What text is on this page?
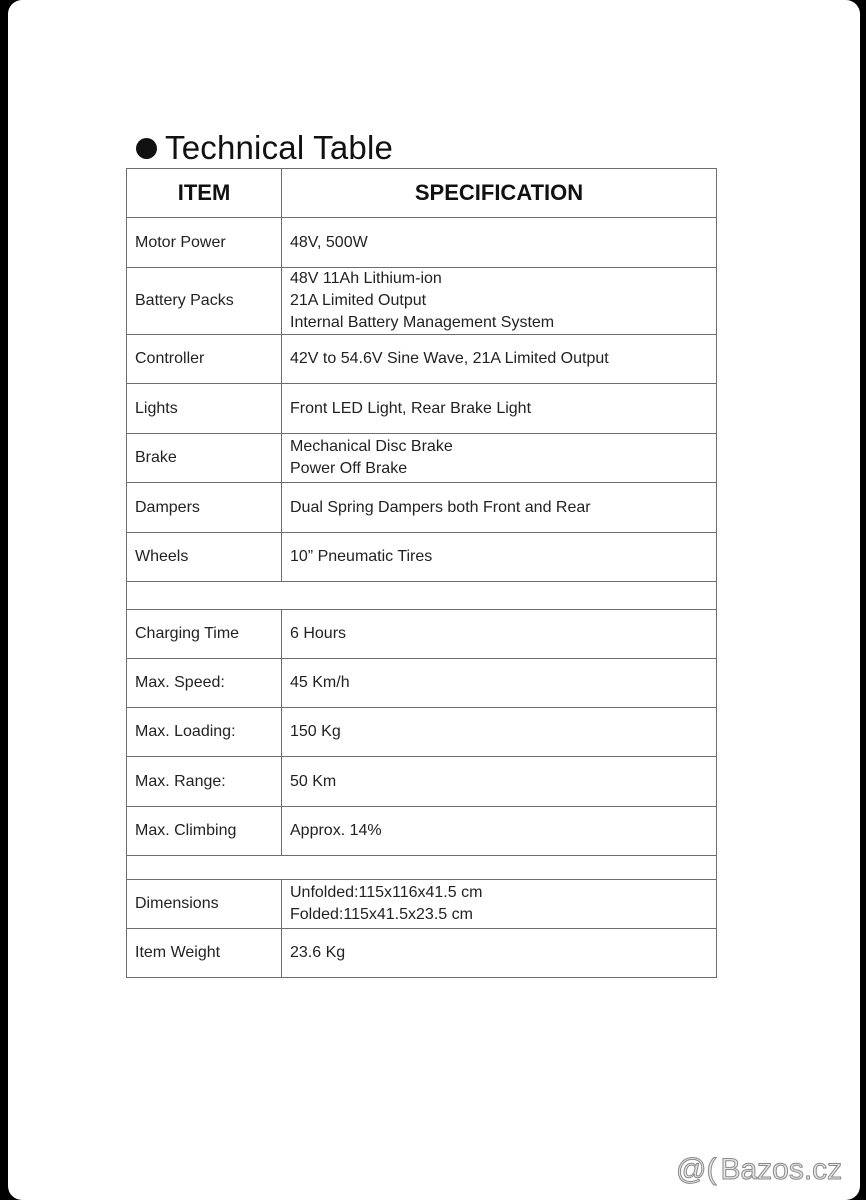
Technical Table
ITEM	SPECIFICATION
Motor Power	48V, 500W

Battery Packs	48V 11Ah Lithium-ion
21A Limited Output
Internal Battery Management System

Controller	42V to 54.6V Sine Wave, 21A Limited Output

Lights	Front LED Light, Rear Brake Light

Brake	Mechanical Disc Brake
Power Off Brake

Dampers	Dual Spring Dampers both Front and Rear

Wheels	10” Pneumatic Tires

Charging Time	6 Hours

Max. Speed:	45 Km/h

Max. Loading:	150 Kg

Max. Range:	50 Km

Max. Climbing	Approx. 14%

Dimensions	Unfolded:115x116x41.5 cm
Folded:115x41.5x23.5 cm

Item Weight	23.6 Kg
@( Bazos.cz
